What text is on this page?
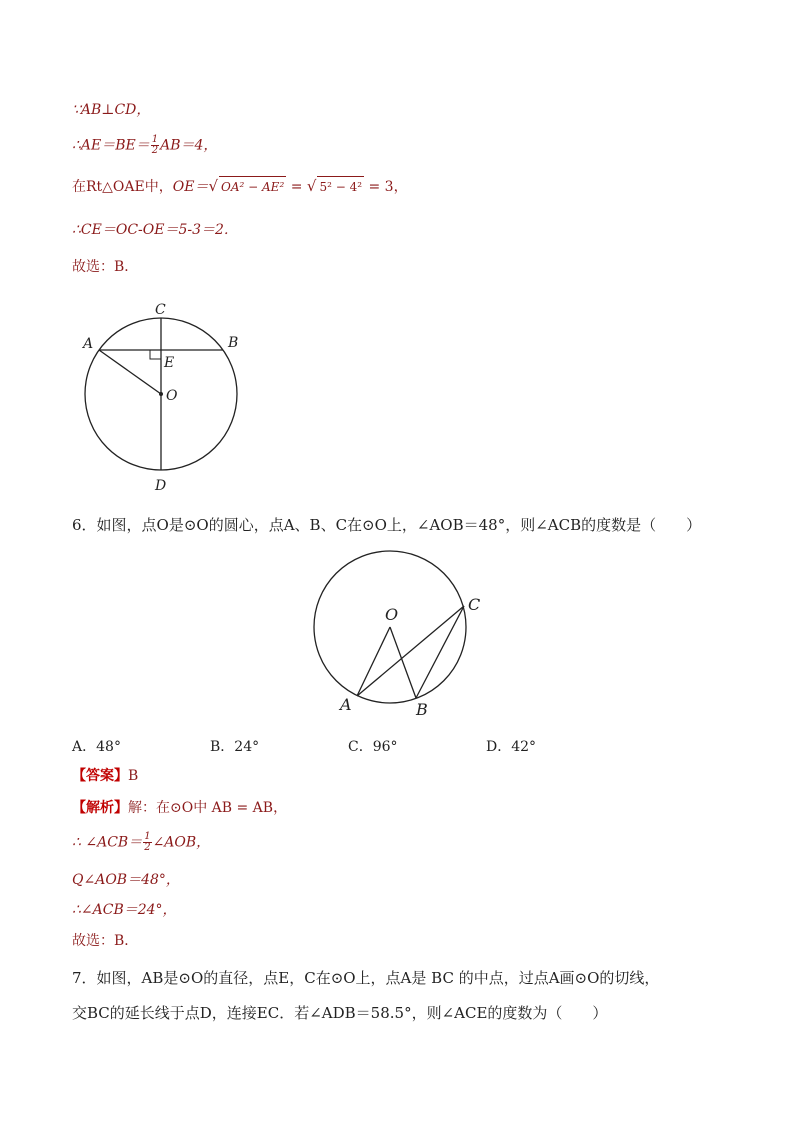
∵AB⊥CD，
∴AE＝BE＝ $\frac{1}{2} AB=4$，
在Rt△OAE中，OE＝√ OA² − AE² = √ 5² − 4² = 3，
∴CE＝OC-OE＝5-3＝2．
故选：B．
C
A	B
E
O
D
6．如图，点O是⊙O的圆心，点A、B、C在⊙O上，∠AOB＝48°，则∠ACB的度数是（　　）
O
C
A	B
A．48°	B．24°	C．96°	D．42°
【答案】B
【解析】解：在⊙O中 AB = AB，
∴ ∠ACB＝ $\frac{1}{2}$ ∠AOB，
Q∠AOB＝48°，
∴∠ACB＝24°，
故选：B．
7．如图，AB是⊙O的直径，点E，C在⊙O上，点A是 BC 的中点，过点A画⊙O的切线，
交BC的延长线于点D，连接EC．若∠ADB＝58.5°，则∠ACE的度数为（　　）
